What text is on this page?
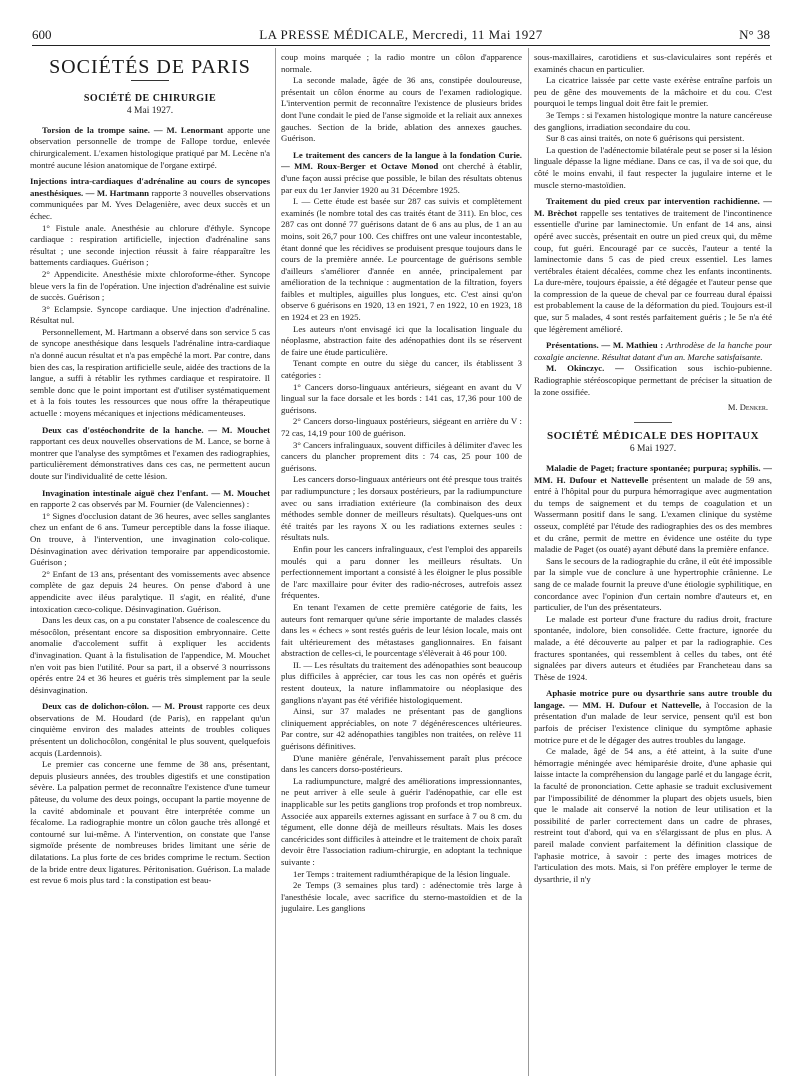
600	LA PRESSE MÉDICALE, Mercredi, 11 Mai 1927	N° 38
SOCIÉTÉS DE PARIS
SOCIÉTÉ DE CHIRURGIE
4 Mai 1927.

Torsion de la trompe saine. — M. Lenormant apporte une observation personnelle de trompe de Fallope tordue, enlevée chirurgicalement. L'examen histologique pratiqué par M. Lecène n'a montré aucune lésion anatomique de l'organe extirpé.

Injections intra-cardiaques d'adrénaline au cours de syncopes anesthésiques. — M. Hartmann rapporte 3 nouvelles observations communiquées par M. Yves Delagenière, avec deux succès et un échec.

1° Fistule anale. Anesthésie au chlorure d'éthyle. Syncope cardiaque : respiration artificielle, injection d'adrénaline sans résultat ; une seconde injection réussit à faire réapparaître les battements cardiaques. Guérison ;

2° Appendicite. Anesthésie mixte chloroforme-éther. Syncope bleue vers la fin de l'opération. Une injection d'adrénaline est suivie de succès. Guérison ;

3° Eclampsie. Syncope cardiaque. Une injection d'adrénaline. Résultat nul.

Personnellement, M. Hartmann a observé dans son service 5 cas de syncope anesthésique dans lesquels l'adrénaline intra-cardiaque n'a donné aucun résultat et n'a pas empêché la mort. Par contre, dans bien des cas, la respiration artificielle seule, aidée des tractions de la langue, a suffi à rétablir les rythmes cardiaque et respiratoire. Il semble donc que le point important est d'utiliser systématiquement et à la fois toutes les ressources que nous offre la thérapeutique actuelle : moyens mécaniques et injections médicamenteuses.

Deux cas d'ostéochondrite de la hanche. — M. Mouchet rapportant ces deux nouvelles observations de M. Lance, se borne à montrer que l'analyse des symptômes et l'examen des radiographies, particulièrement démonstratives dans ces cas, ne permettent aucun doute sur l'individualité de cette lésion.

Invagination intestinale aiguë chez l'enfant. — M. Mouchet en rapporte 2 cas observés par M. Fournier (de Valenciennes) :

1° Signes d'occlusion datant de 36 heures, avec selles sanglantes chez un enfant de 6 ans. Tumeur perceptible dans la fosse iliaque. On trouve, à l'intervention, une invagination colo-colique. Désinvagination avec dérivation temporaire par appendicostomie. Guérison ;

2° Enfant de 13 ans, présentant des vomissements avec absence complète de gaz depuis 24 heures. On pense d'abord à une appendicite avec iléus paralytique. Il s'agit, en réalité, d'une intoxication cæco-colique. Désinvagination. Guérison.

Dans les deux cas, on a pu constater l'absence de coalescence du mésocôlon, présentant encore sa disposition embryonnaire. Cette anomalie d'accolement suffit à expliquer les accidents d'invagination. Quant à la fistulisation de l'appendice, M. Mouchet n'en voit pas bien l'utilité. Pour sa part, il a observé 3 nourrissons opérés entre 24 et 36 heures et guéris très simplement par la seule désinvagination.

Deux cas de dolichon-côlon. — M. Proust rapporte ces deux observations de M. Houdard (de Paris), en rappelant qu'un cinquième environ des malades atteints de troubles coliques présentent un dolichocôlon, congénital le plus souvent, quelquefois acquis (Lardennois).

Le premier cas concerne une femme de 38 ans, présentant, depuis plusieurs années, des troubles digestifs et une constipation sévère. La palpation permet de reconnaître l'existence d'une tumeur pâteuse, du volume des deux poings, occupant la partie moyenne de la cavité abdominale et pouvant être interprétée comme un fécalome. La radiographie montre un côlon gauche très allongé et contourné sur lui-même. A l'intervention, on constate que l'anse sigmoïde présente de nombreuses brides limitant une série de dilatations. La plus forte de ces brides comprime le rectum. Section de la bride entre deux ligatures. Péritonisation. Guérison. La malade est revue 6 mois plus tard : la constipation est beau-

coup moins marquée ; la radio montre un côlon d'apparence normale.

La seconde malade, âgée de 36 ans, constipée douloureuse, présentait un côlon énorme au cours de l'examen radiologique. L'intervention permit de reconnaître l'existence de plusieurs brides dont l'une condait le pied de l'anse sigmoïde et la reliait aux annexes gauches. Section de la bride, ablation des annexes gauches. Guérison.

Le traitement des cancers de la langue à la fondation Curie. — MM. Roux-Berger et Octave Monod ont cherché à établir, d'une façon aussi précise que possible, le bilan des résultats obtenus par eux du 1er Janvier 1920 au 31 Décembre 1925.

I. — Cette étude est basée sur 287 cas suivis et complètement examinés (le nombre total des cas traités étant de 311). En bloc, ces 287 cas ont donné 77 guérisons datant de 6 ans au plus, de 1 an au moins, soit 26,7 pour 100. Ces chiffres ont une valeur incontestable, étant donné que les récidives se produisent presque toujours dans le cours de la première année. Le pourcentage de guérisons semble d'ailleurs s'améliorer d'année en année, principalement par amélioration de la technique : augmentation de la filtration, foyers faibles et multiples, aiguilles plus longues, etc. C'est ainsi qu'on observe 6 guérisons en 1920, 13 en 1921, 7 en 1922, 10 en 1923, 18 en 1924 et 23 en 1925.

Les auteurs n'ont envisagé ici que la localisation linguale du néoplasme, abstraction faite des adénopathies dont ils se réservent de faire une étude particulière.

Tenant compte en outre du siège du cancer, ils établissent 3 catégories :

1° Cancers dorso-linguaux antérieurs, siégeant en avant du V lingual sur la face dorsale et les bords : 141 cas, 17,36 pour 100 de guérisons.

2° Cancers dorso-linguaux postérieurs, siégeant en arrière du V : 72 cas, 14,19 pour 100 de guérison.

3° Cancers infralinguaux, souvent difficiles à délimiter d'avec les cancers du plancher proprement dits : 74 cas, 25 pour 100 de guérisons.

Les cancers dorso-linguaux antérieurs ont été presque tous traités par radiumpuncture ; les dorsaux postérieurs, par la radiumpuncture avec ou sans irradiation extérieure (la combinaison des deux méthodes semble donner de meilleurs résultats). Quelques-uns ont été traités par les rayons X ou les radiations externes seules : résultats nuls.

Enfin pour les cancers infralinguaux, c'est l'emploi des appareils moulés qui a paru donner les meilleurs résultats. Un perfectionnement important a consisté à les éloigner le plus possible de l'arc maxillaire pour éviter des radio-nécroses, autrefois assez fréquentes.

En tenant l'examen de cette première catégorie de faits, les auteurs font remarquer qu'une série importante de malades classés dans les « échecs » sont restés guéris de leur lésion locale, mais ont fait ultérieurement des métastases ganglionnaires. En faisant abstraction de celles-ci, le pourcentage s'élèverait à 46 pour 100.

II. — Les résultats du traitement des adénopathies sont beaucoup plus difficiles à apprécier, car tous les cas non opérés et guéris restent douteux, la nature inflammatoire ou néoplasique des ganglions n'ayant pas été vérifiée histologiquement.

Ainsi, sur 37 malades ne présentant pas de ganglions cliniquement appréciables, on note 7 dégénérescences ultérieures. Par contre, sur 42 adénopathies tangibles non traitées, on relève 11 guérisons définitives.

D'une manière générale, l'envahissement paraît plus précoce dans les cancers dorso-postérieurs.

La radiumpuncture, malgré des améliorations impressionnantes, ne peut arriver à elle seule à guérir l'adénopathie, car elle est inapplicable sur les petits ganglions trop profonds et trop nombreux. Associée aux appareils externes agissant en surface à 7 ou 8 cm. du tégument, elle donne déjà de meilleurs résultats. Mais les doses cancéricides sont difficiles à atteindre et le traitement de choix paraît devoir être l'association radium-chirurgie, en adoptant la technique suivante :

1er Temps : traitement radiumthérapique de la lésion linguale.

2e Temps (3 semaines plus tard) : adénectomie très large à l'anesthésie locale, avec sacrifice du sterno-mastoïdien et de la jugulaire. Les ganglions

sous-maxillaires, carotidiens et sus-claviculaires sont repérés et examinés chacun en particulier.

La cicatrice laissée par cette vaste exérèse entraîne parfois un peu de gêne des mouvements de la mâchoire et du cou. C'est pourquoi le temps lingual doit être fait le premier.

3e Temps : si l'examen histologique montre la nature cancéreuse des ganglions, irradiation secondaire du cou.

Sur 8 cas ainsi traités, on note 6 guérisons qui persistent.

La question de l'adénectomie bilatérale peut se poser si la lésion linguale dépasse la ligne médiane. Dans ce cas, il va de soi que, du côté le moins envahi, il faut respecter la jugulaire interne et le muscle sterno-mastoïdien.

Traitement du pied creux par intervention rachidienne. — M. Brèchot rappelle ses tentatives de traitement de l'incontinence essentielle d'urine par laminectomie. Un enfant de 14 ans, ainsi opéré avec succès, présentait en outre un pied creux qui, du même coup, fut guéri. Encouragé par ce succès, l'auteur a tenté la laminectomie dans 5 cas de pied creux essentiel. Les lames vertébrales étaient décalées, comme chez les enfants incontinents. La dure-mère, toujours épaissie, a été dégagée et l'auteur pense que la compression de la queue de cheval par ce fourreau dural épaissi est probablement la cause de la déformation du pied. Toujours est-il que, sur 5 malades, 4 sont restés parfaitement guéris ; le 5e n'a été que légèrement amélioré.

Présentations. — M. Mathieu : Arthrodèse de la hanche pour coxalgie ancienne. Résultat datant d'un an. Marche satisfaisante.

M. Okinczyc. — Ossification sous ischio-pubienne. Radiographie stéréoscopique permettant de préciser la situation de la zone ossifiée.

M. Denker.
SOCIÉTÉ MÉDICALE DES HOPITAUX
6 Mai 1927.

Maladie de Paget; fracture spontanée; purpura; syphilis. — MM. H. Dufour et Nattevelle présentent un malade de 59 ans, entré à l'hôpital pour du purpura hémorragique avec augmentation du temps de saignement et du temps de coagulation et un Wassermann positif dans le sang. L'examen clinique du système osseux, complété par l'étude des radiographies des os des membres et du crâne, permit de mettre en évidence une ostéite du type maladie de Paget (os ouaté) ayant débuté dans la première enfance.

Sans le secours de la radiographie du crâne, il eût été impossible par la simple vue de conclure à une hypertrophie crânienne. Le sang de ce malade fournit la preuve d'une étiologie syphilitique, en concordance avec l'opinion d'un certain nombre d'auteurs et, en particulier, de l'un des présentateurs.

Le malade est porteur d'une fracture du radius droit, fracture spontanée, indolore, bien consolidée. Cette fracture, ignorée du malade, a été découverte au palper et par la radiographie. Ces fractures spontanées, qui ressemblent à celles du tabes, ont été signalées par divers auteurs et étudiées par Francheteau dans sa Thèse de 1924.

Aphasie motrice pure ou dysarthrie sans autre trouble du langage. — MM. H. Dufour et Nattevelle, à l'occasion de la présentation d'un malade de leur service, pensent qu'il est bon parfois de préciser l'existence clinique du symptôme aphasie motrice pure et de le dégager des autres troubles du langage.

Ce malade, âgé de 54 ans, a été atteint, à la suite d'une hémorragie méningée avec hémiparésie droite, d'une aphasie qui laisse intacte la compréhension du langage parlé et du langage écrit, la faculté de prononciation. Cette aphasie se traduit exclusivement par l'impossibilité de dénommer la plupart des objets usuels, bien que le malade ait conservé la notion de leur utilisation et la possibilité de parler correctement dans un cadre de phrases, restreint tout d'abord, qui va en s'élargissant de plus en plus. A pareil malade convient parfaitement la définition classique de l'aphasie motrice, à savoir : perte des images motrices de l'articulation des mots. Mais, si l'on préfère employer le terme de dysarthrie, il n'y
